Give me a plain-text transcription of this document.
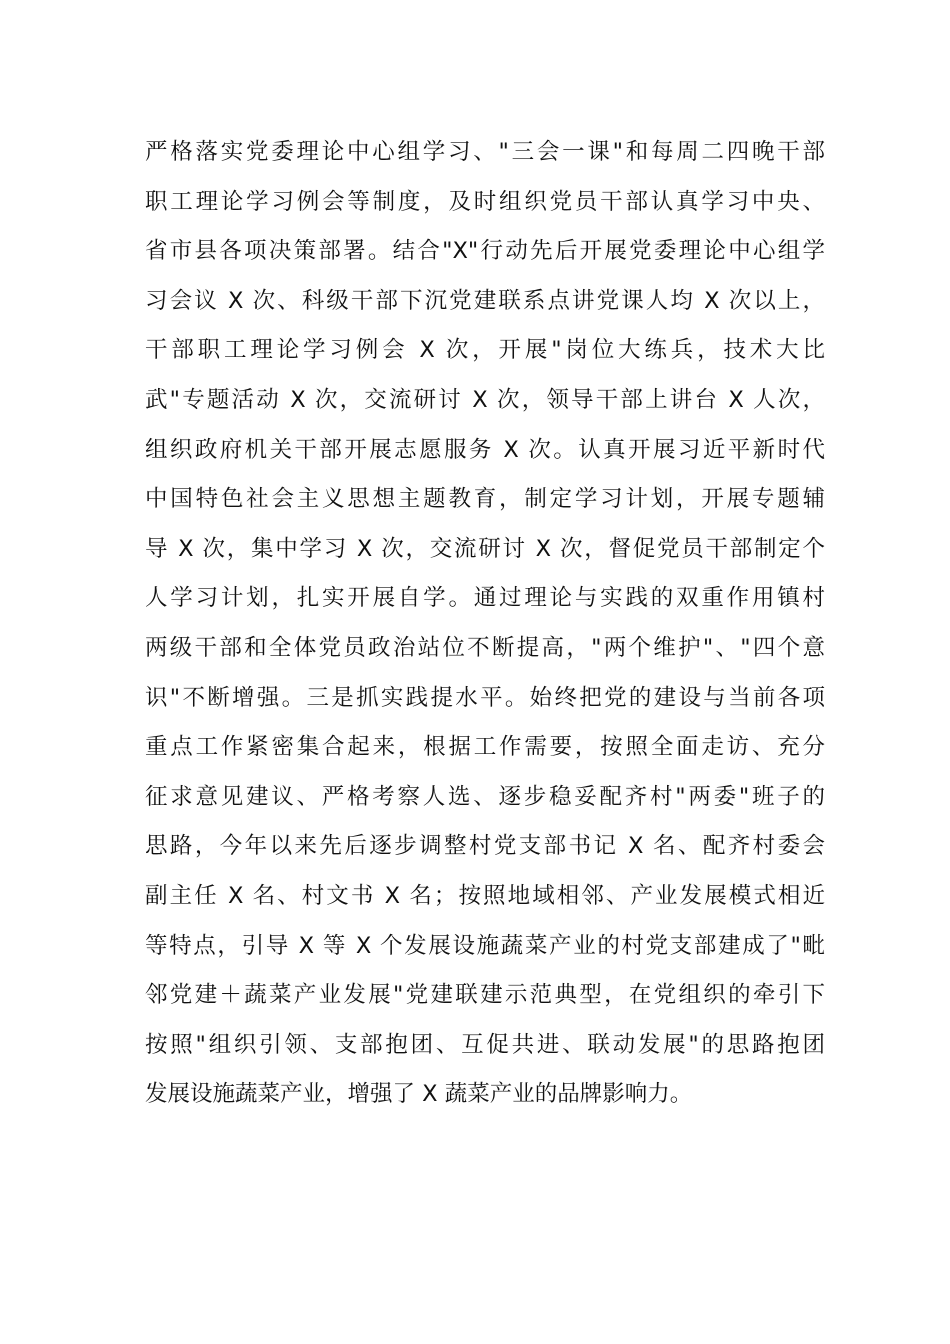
严格落实党委理论中心组学习、"三会一课"和每周二四晚干部
职工理论学习例会等制度，及时组织党员干部认真学习中央、
省市县各项决策部署。结合"X"行动先后开展党委理论中心组学
习会议 X 次、科级干部下沉党建联系点讲党课人均 X 次以上，
干部职工理论学习例会 X 次，开展"岗位大练兵，技术大比
武"专题活动 X 次，交流研讨 X 次，领导干部上讲台 X 人次，
组织政府机关干部开展志愿服务 X 次。认真开展习近平新时代
中国特色社会主义思想主题教育，制定学习计划，开展专题辅
导 X 次，集中学习 X 次，交流研讨 X 次，督促党员干部制定个
人学习计划，扎实开展自学。通过理论与实践的双重作用镇村
两级干部和全体党员政治站位不断提高，"两个维护"、"四个意
识"不断增强。三是抓实践提水平。始终把党的建设与当前各项
重点工作紧密集合起来，根据工作需要，按照全面走访、充分
征求意见建议、严格考察人选、逐步稳妥配齐村"两委"班子的
思路，今年以来先后逐步调整村党支部书记 X 名、配齐村委会
副主任 X 名、村文书 X 名；按照地域相邻、产业发展模式相近
等特点，引导 X 等 X 个发展设施蔬菜产业的村党支部建成了"毗
邻党建＋蔬菜产业发展"党建联建示范典型，在党组织的牵引下
按照"组织引领、支部抱团、互促共进、联动发展"的思路抱团
发展设施蔬菜产业，增强了 X 蔬菜产业的品牌影响力。
